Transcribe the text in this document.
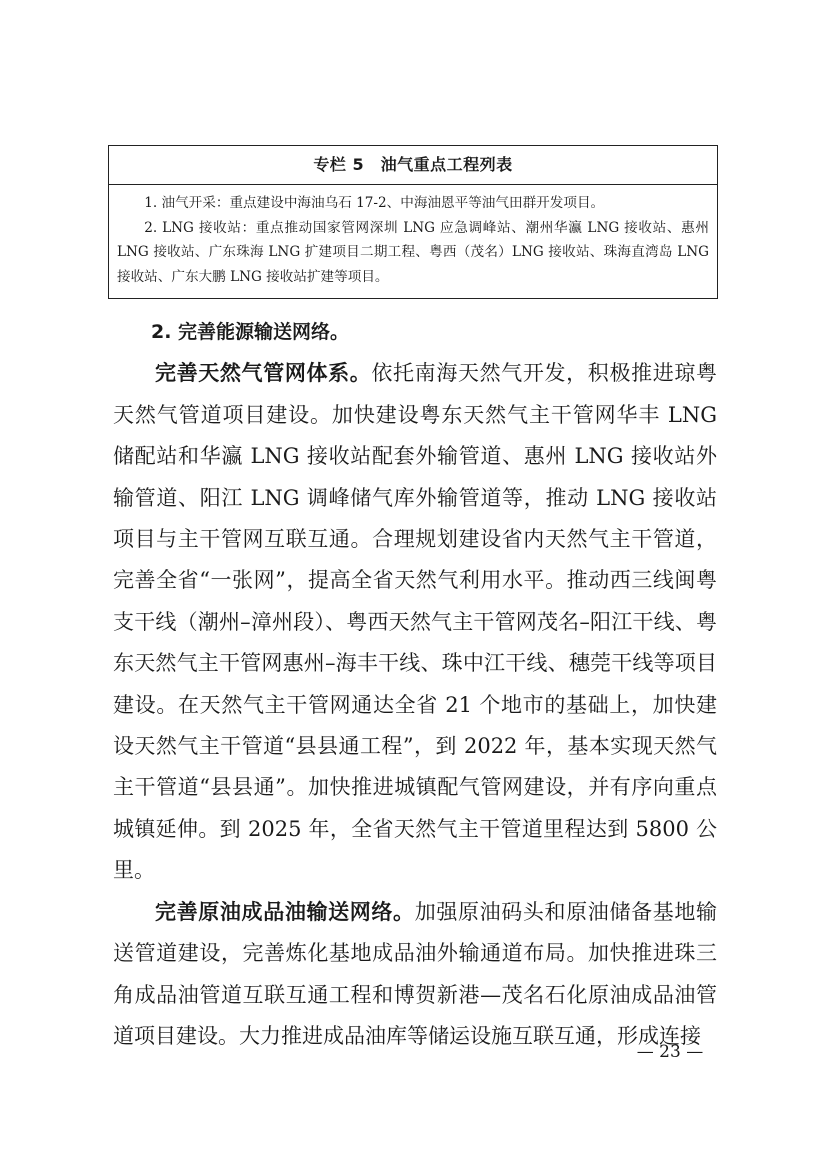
专栏 5　油气重点工程列表

1. 油气开采：重点建设中海油乌石 17-2、中海油恩平等油气田群开发项目。

2. LNG 接收站：重点推动国家管网深圳 LNG 应急调峰站、潮州华瀛 LNG 接收站、惠州 LNG 接收站、广东珠海 LNG 扩建项目二期工程、粤西（茂名）LNG 接收站、珠海直湾岛 LNG 接收站、广东大鹏 LNG 接收站扩建等项目。

2. 完善能源输送网络。

完善天然气管网体系。依托南海天然气开发，积极推进琼粤天然气管道项目建设。加快建设粤东天然气主干管网华丰 LNG 储配站和华瀛 LNG 接收站配套外输管道、惠州 LNG 接收站外输管道、阳江 LNG 调峰储气库外输管道等，推动 LNG 接收站项目与主干管网互联互通。合理规划建设省内天然气主干管道，完善全省“一张网”，提高全省天然气利用水平。推动西三线闽粤支干线（潮州–漳州段）、粤西天然气主干管网茂名–阳江干线、粤东天然气主干管网惠州–海丰干线、珠中江干线、穗莞干线等项目建设。在天然气主干管网通达全省 21 个地市的基础上，加快建设天然气主干管道“县县通工程”，到 2022 年，基本实现天然气主干管道“县县通”。加快推进城镇配气管网建设，并有序向重点城镇延伸。到 2025 年，全省天然气主干管道里程达到 5800 公里。

完善原油成品油输送网络。加强原油码头和原油储备基地输送管道建设，完善炼化基地成品油外输通道布局。加快推进珠三角成品油管道互联互通工程和博贺新港—茂名石化原油成品油管道项目建设。大力推进成品油库等储运设施互联互通，形成连接

— 23 —
